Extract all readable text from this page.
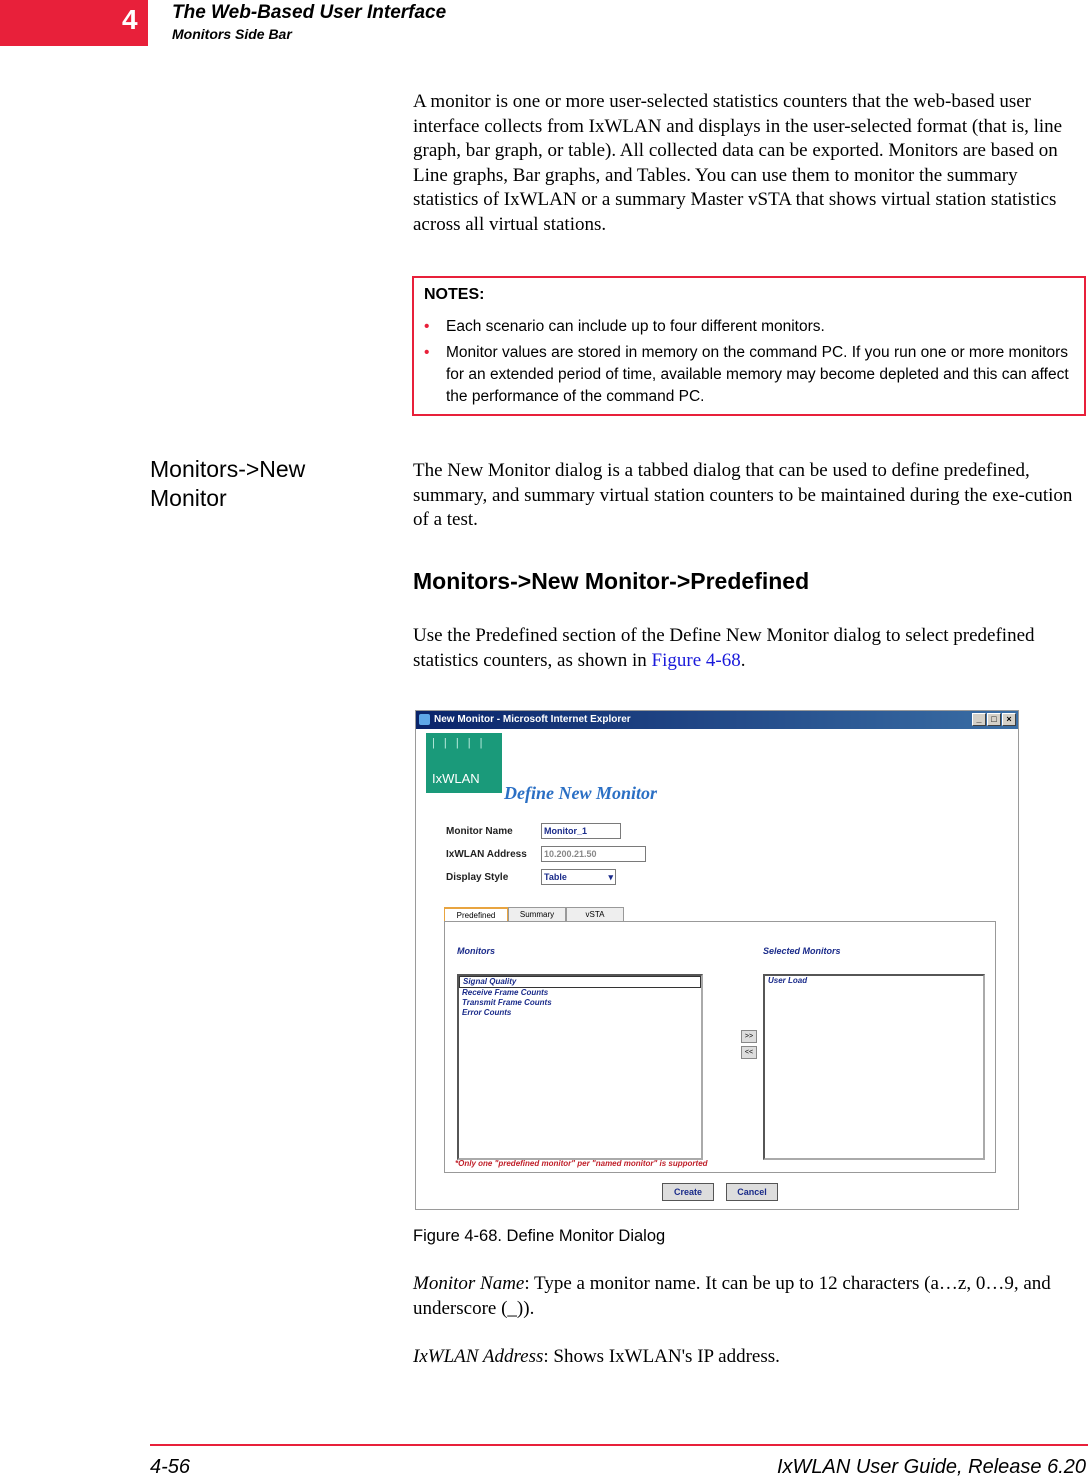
4 The Web-Based User Interface
Monitors Side Bar
A monitor is one or more user-selected statistics counters that the web-based user interface collects from IxWLAN and displays in the user-selected format (that is, line graph, bar graph, or table). All collected data can be exported. Monitors are based on Line graphs, Bar graphs, and Tables. You can use them to monitor the summary statistics of IxWLAN or a summary Master vSTA that shows virtual station statistics across all virtual stations.
NOTES:
• Each scenario can include up to four different monitors.
• Monitor values are stored in memory on the command PC. If you run one or more monitors for an extended period of time, available memory may become depleted and this can affect the performance of the command PC.
Monitors->New Monitor
The New Monitor dialog is a tabbed dialog that can be used to define predefined, summary, and summary virtual station counters to be maintained during the exe-cution of a test.
Monitors->New Monitor->Predefined
Use the Predefined section of the Define New Monitor dialog to select predefined statistics counters, as shown in Figure 4-68.
New Monitor - Microsoft Internet Explorer	_	□	×
| | | | |
IxWLAN
Define New Monitor
Monitor Name	Monitor_1
IxWLAN Address	10.200.21.50
Display Style	Table	▾
Predefined	Summary	vSTA
Monitors	Selected Monitors
Signal Quality
Receive Frame Counts
Transmit Frame Counts
Error Counts
>>
<<
User Load
*Only one "predefined monitor" per "named monitor" is supported
Create	Cancel
Figure 4-68. Define Monitor Dialog
Monitor Name: Type a monitor name. It can be up to 12 characters (a…z, 0…9, and underscore (_)).
IxWLAN Address: Shows IxWLAN's IP address.
4-56	IxWLAN User Guide, Release 6.20
